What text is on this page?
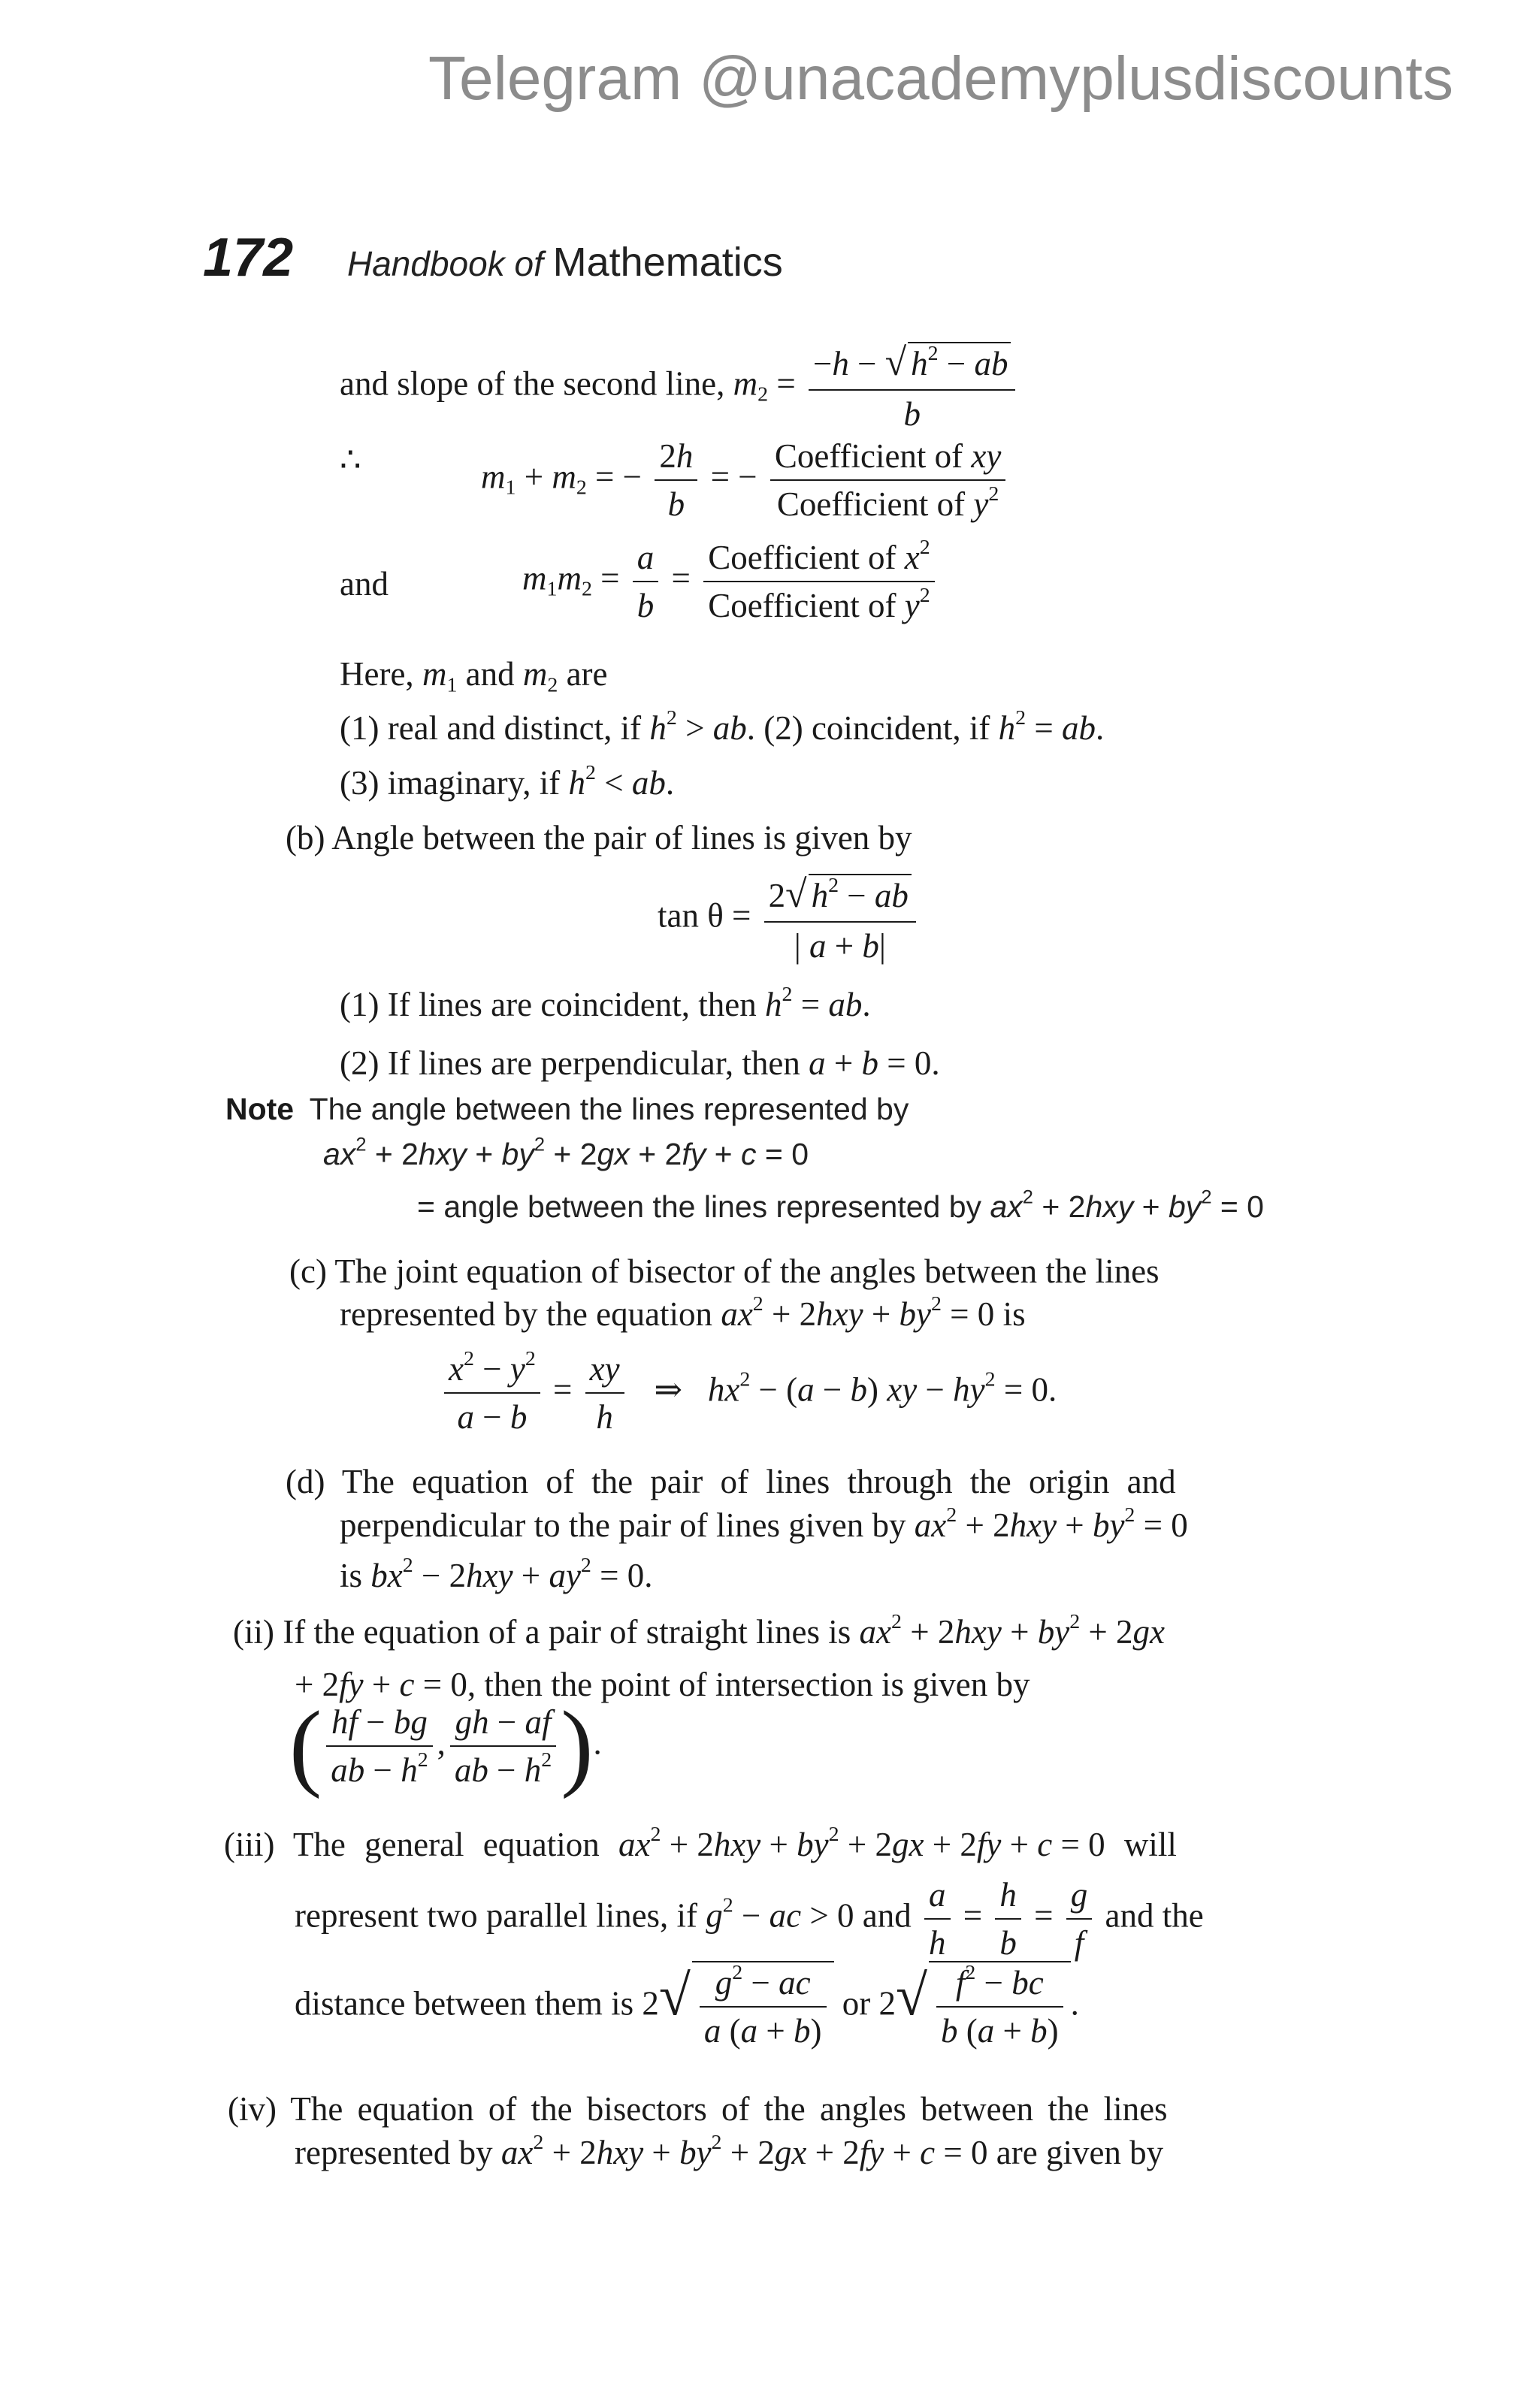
Telegram @unacademyplusdiscounts
172 Handbook of Mathematics
and slope of the second line, $m_2 = \frac{-h - √ h^2 - ab}{b}$
∴	$m_1 + m_2$ = − $\frac{2h}{b}$ = − $\frac{\text{Coefficient of xy}}{Coefficient of y^2}$
and	$m_1m_2 = \frac{a}{b} = \frac{Coefficient of x^2}{Coefficient of y^2}$
Here, $m_1$ and $m_2$ are
(1) real and distinct, if $h^2$ > ab. (2) coincident, if $h^2$ = ab.
(3) imaginary, if $h^2$ < ab.
(b) Angle between the pair of lines is given by
$\tan \theta = \frac{2√ h^2 - ab}{| a + b|}$
(1) If lines are coincident, then $h^2$ = ab.
(2) If lines are perpendicular, then a + b = 0.
Note The angle between the lines represented by
$ax^2 + 2hxy + by^2 + 2gx + 2fy + c = 0$
= angle between the lines represented by $ax^2 + 2hxy + by^2 = 0$
(c) The joint equation of bisector of the angles between the lines
represented by the equation $ax^2 + 2hxy + by^2 = 0$ is
$\frac{x^2 - y^2}{a - b} = \frac{xy}{h}$ ⇒   $hx^2 - (a - b)$ xy − $hy^2 = 0$.
(d) The equation of the pair of lines through the origin and
perpendicular to the pair of lines given by $ax^2 + 2hxy + by^2 = 0$
is $bx^2 - 2hxy + ay^2 = 0$.
(ii) If the equation of a pair of straight lines is $ax^2 + 2hxy + by^2 + 2gx$
+ 2fy + c = 0, then the point of intersection is given by
( $\frac{hf - bg}{ab - h^2}$ , $\frac{gh - af}{ab - h^2}$ ).
(iii) The general equation $ax^2 + 2hxy + by^2 + 2gx + 2fy + c = 0$ will
represent two parallel lines, if $g^2$ − ac > 0 and $\frac{a}{h} = \frac{h}{b} = \frac{g}{f}$ and the
distance between them is $2√ \frac{g^2 - ac}{a (a + b)}$ or $2√ \frac{f^2 - bc}{b (a + b)}$ .
(iv) The equation of the bisectors of the angles between the lines
represented by $ax^2 + 2hxy + by^2 + 2gx + 2fy + c = 0$ are given by
